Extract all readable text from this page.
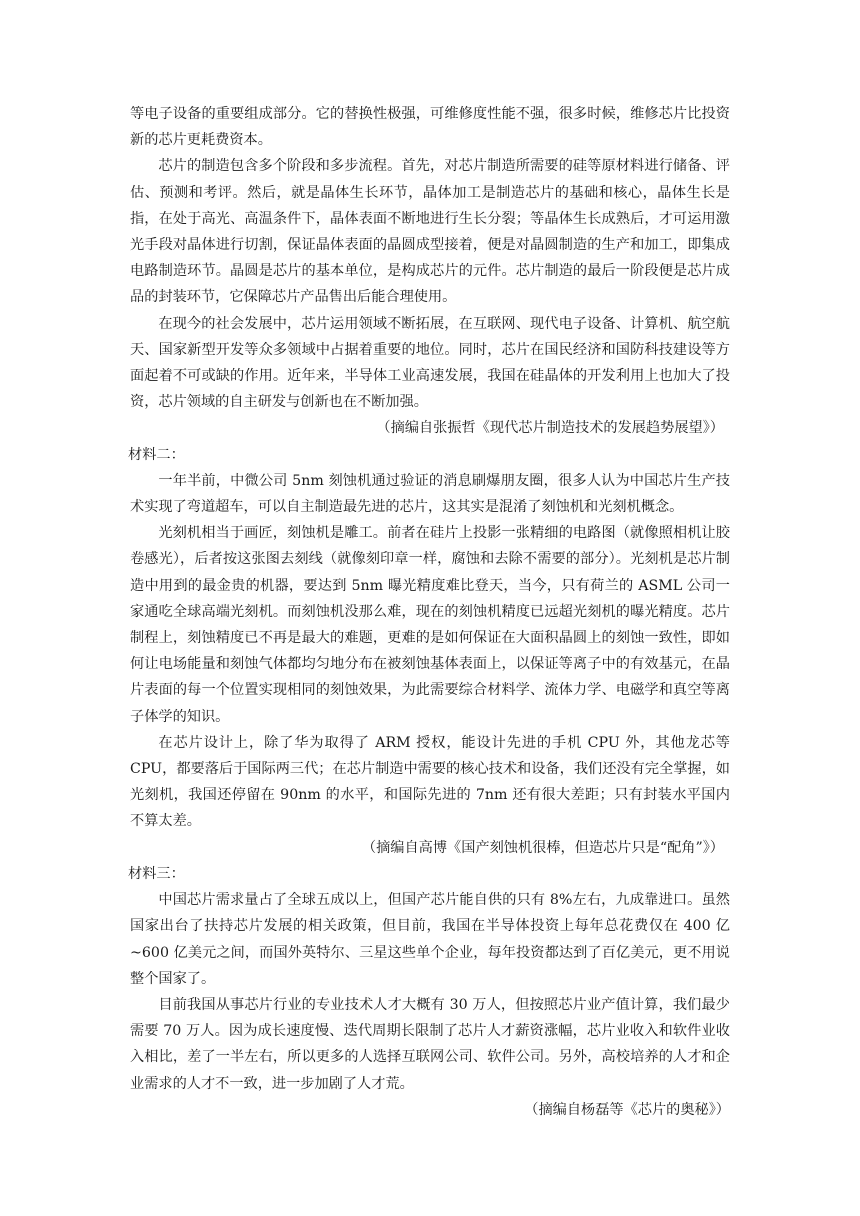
等电子设备的重要组成部分。它的替换性极强，可维修度性能不强，很多时候，维修芯片比投资新的芯片更耗费资本。

芯片的制造包含多个阶段和多步流程。首先，对芯片制造所需要的硅等原材料进行储备、评估、预测和考评。然后，就是晶体生长环节，晶体加工是制造芯片的基础和核心，晶体生长是指，在处于高光、高温条件下，晶体表面不断地进行生长分裂；等晶体生长成熟后，才可运用激光手段对晶体进行切割，保证晶体表面的晶圆成型接着，便是对晶圆制造的生产和加工，即集成电路制造环节。晶圆是芯片的基本单位，是构成芯片的元件。芯片制造的最后一阶段便是芯片成品的封装环节，它保障芯片产品售出后能合理使用。

在现今的社会发展中，芯片运用领域不断拓展，在互联网、现代电子设备、计算机、航空航天、国家新型开发等众多领域中占据着重要的地位。同时，芯片在国民经济和国防科技建设等方面起着不可或缺的作用。近年来，半导体工业高速发展，我国在硅晶体的开发利用上也加大了投资，芯片领域的自主研发与创新也在不断加强。

（摘编自张振哲《现代芯片制造技术的发展趋势展望》）

材料二：

一年半前，中微公司 5nm 刻蚀机通过验证的消息刷爆朋友圈，很多人认为中国芯片生产技术实现了弯道超车，可以自主制造最先进的芯片，这其实是混淆了刻蚀机和光刻机概念。

光刻机相当于画匠，刻蚀机是雕工。前者在硅片上投影一张精细的电路图（就像照相机让胶卷感光），后者按这张图去刻线（就像刻印章一样，腐蚀和去除不需要的部分）。光刻机是芯片制造中用到的最金贵的机器，要达到 5nm 曝光精度难比登天，当今，只有荷兰的 ASML 公司一家通吃全球高端光刻机。而刻蚀机没那么难，现在的刻蚀机精度已远超光刻机的曝光精度。芯片制程上，刻蚀精度已不再是最大的难题，更难的是如何保证在大面积晶圆上的刻蚀一致性，即如何让电场能量和刻蚀气体都均匀地分布在被刻蚀基体表面上，以保证等离子中的有效基元，在晶片表面的每一个位置实现相同的刻蚀效果，为此需要综合材料学、流体力学、电磁学和真空等离子体学的知识。

在芯片设计上，除了华为取得了 ARM 授权，能设计先进的手机 CPU 外，其他龙芯等 CPU，都要落后于国际两三代；在芯片制造中需要的核心技术和设备，我们还没有完全掌握，如光刻机，我国还停留在 90nm 的水平，和国际先进的 7nm 还有很大差距；只有封装水平国内不算太差。

（摘编自高博《国产刻蚀机很棒，但造芯片只是“配角”》）

材料三：

中国芯片需求量占了全球五成以上，但国产芯片能自供的只有 8%左右，九成靠进口。虽然国家出台了扶持芯片发展的相关政策，但目前，我国在半导体投资上每年总花费仅在 400 亿~600 亿美元之间，而国外英特尔、三星这些单个企业，每年投资都达到了百亿美元，更不用说整个国家了。

目前我国从事芯片行业的专业技术人才大概有 30 万人，但按照芯片业产值计算，我们最少需要 70 万人。因为成长速度慢、迭代周期长限制了芯片人才薪资涨幅，芯片业收入和软件业收入相比，差了一半左右，所以更多的人选择互联网公司、软件公司。另外，高校培养的人才和企业需求的人才不一致，进一步加剧了人才荒。

（摘编自杨磊等《芯片的奥秘》）
